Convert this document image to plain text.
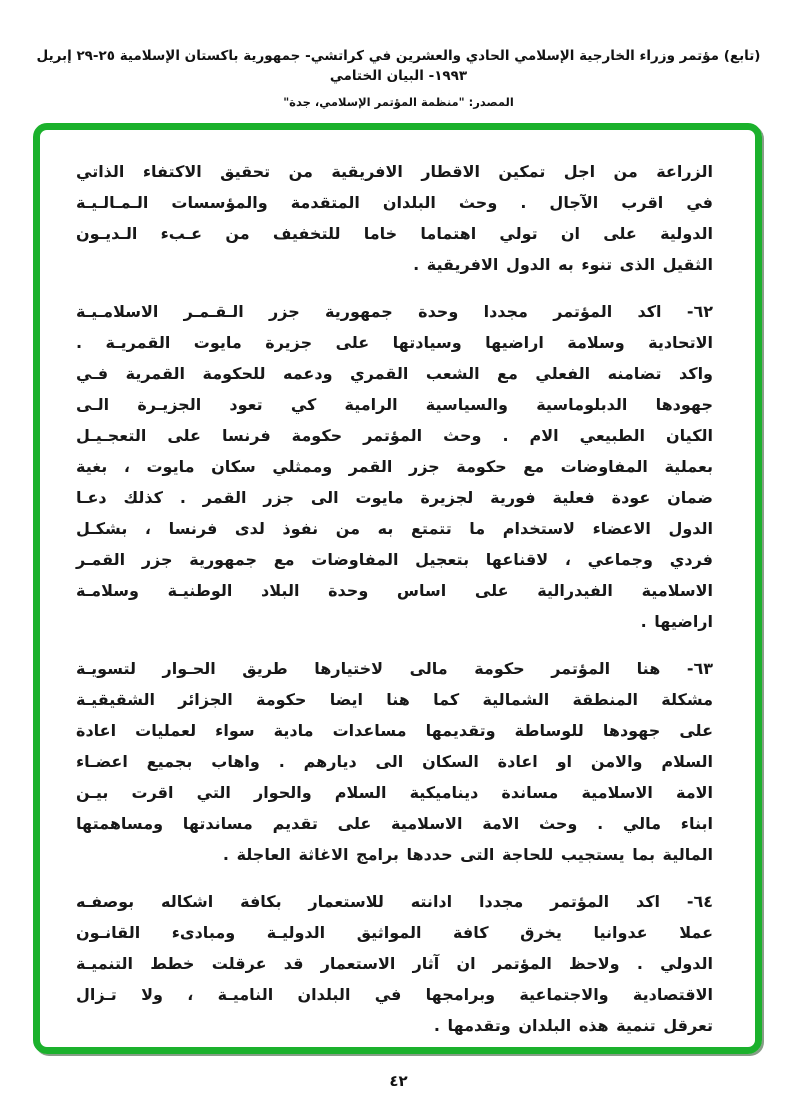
(تابع) مؤتمر وزراء الخارجية الإسلامي الحادي والعشرين في كراتشي- جمهورية باكستان الإسلامية ٢٥-٢٩ إبريل ١٩٩٣- البيان الختامي
المصدر: "منظمة المؤتمر الإسلامي، جدة"
الزراعة من اجل تمكين الاقطار الافريقية من تحقيق الاكتفاء الذاتي
في اقرب الآجال . وحث البلدان المتقدمة والمؤسسات الـمـالـيـة
الدولية على ان تولي اهتماما خاما للتخفيف من عـبء الـديـون
الثقيل الذى تنوء به الدول الافريقية .
٦٢- اكد المؤتمر مجددا وحدة جمهورية جزر الـقـمـر الاسلامـيـة
الاتحادية وسلامة اراضيها وسيادتها على جزيرة مايوت القمريـة .
واكد تضامنه الفعلي مع الشعب القمري ودعمه للحكومة القمرية فـي
جهودها الدبلوماسية والسياسية الرامية كي تعود الجزيـرة الـى
الكيان الطبيعي الام . وحث المؤتمر حكومة فرنسا على التعجـيـل
بعملية المفاوضات مع حكومة جزر القمر وممثلي سكان مايوت ، بغية
ضمان عودة فعلية فورية لجزيرة مايوت الى جزر القمر . كذلك دعـا
الدول الاعضاء لاستخدام ما تتمتع به من نفوذ لدى فرنسا ، بشكـل
فردي وجماعي ، لاقناعها بتعجيل المفاوضات مع جمهورية جزر القمـر
الاسلامية الفيدرالية على اساس وحدة البلاد الوطنيـة وسلامـة
اراضيها .
٦٣- هنا المؤتمر حكومة مالى لاختيارها طريق الحـوار لتسويـة
مشكلة المنطقة الشمالية كما هنا ايضا حكومة الجزائر الشقيقيـة
على جهودها للوساطة وتقديمها مساعدات مادية سواء لعمليات اعادة
السلام والامن او اعادة السكان الى ديارهم . واهاب بجميع اعضـاء
الامة الاسلامية مساندة ديناميكية السلام والحوار التي اقرت بيـن
ابناء مالي . وحث الامة الاسلامية على تقديم مساندتها ومساهمتها
المالية بما يستجيب للحاجة التى حددها برامج الاغاثة العاجلة .
٦٤- اكد المؤتمر مجددا ادانته للاستعمار بكافة اشكاله بوصفـه
عملا عدوانيا يخرق كافة المواثيق الدوليـة ومبادىء القانـون
الدولي . ولاحظ المؤتمر ان آثار الاستعمار قد عرقلت خطط التنميـة
الاقتصادية والاجتماعية وبرامجها في البلدان الناميـة ، ولا تـزال
تعرقل تنمية هذه البلدان وتقدمها .
٤٢
